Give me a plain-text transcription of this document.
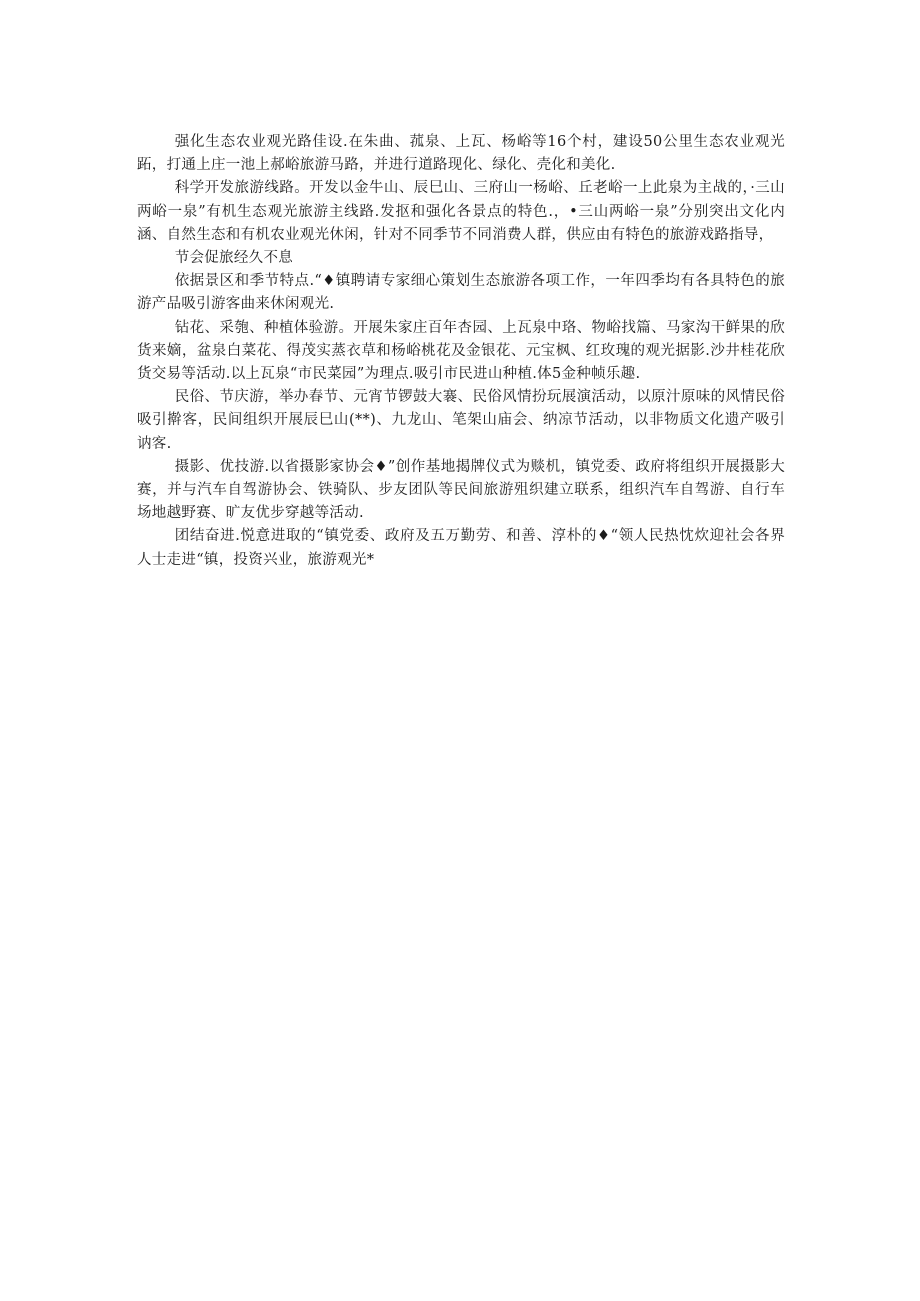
强化生态农业观光路佳设.在朱曲、菰泉、上瓦、杨峪等16个村，建设50公里生态农业观光跖，打通上庄一池上郝峪旅游马路，并进行道路现化、绿化、壳化和美化.

科学开发旅游线路。开发以金牛山、辰巳山、三府山一杨峪、丘老峪一上此泉为主战的，·三山两峪一泉”有机生态观光旅游主线路.发抠和强化各景点的特色.，•三山两峪一泉”分别突出文化内涵、自然生态和有机农业观光休闲，针对不同季节不同消费人群，供应由有特色的旅游戏路指导，

节会促旅经久不息

依据景区和季节特点.“♦镇聘请专家细心策划生态旅游各项工作，一年四季均有各具特色的旅游产品吸引游客曲来休闲观光.

钻花、采匏、种植体验游。开展朱家庄百年杏园、上瓦泉中珞、物峪找篇、马家沟干鲜果的欣货来嫡，盆泉白菜花、得茂实蒸衣草和杨峪桃花及金银花、元宝枫、红玫瑰的观光据影.沙井桂花欣货交易等活动.以上瓦泉“市民菜园”为理点.吸引市民进山种植.体5金种帧乐趣.

民俗、节庆游，举办春节、元宵节锣鼓大褰、民俗风情扮玩展演活动，以原汁原味的风情民俗吸引擀客，民间组织开展辰巳山(**)、九龙山、笔架山庙会、纳凉节活动，以非物质文化遗产吸引讷客.

摄影、优技游.以省摄影家协会♦”创作基地揭牌仪式为赕机，镇党委、政府将组织开展摄影大赛，并与汽车自驾游协会、铁骑队、步友团队等民间旅游殂织建立联系，组织汽车自驾游、自行车场地越野赛、旷友优步穿越等活动.

团结奋进.悦意进取的“镇党委、政府及五万勤劳、和善、淳朴的♦“领人民热忱炊迎社会各界人士走进“镇，投资兴业，旅游观光*
